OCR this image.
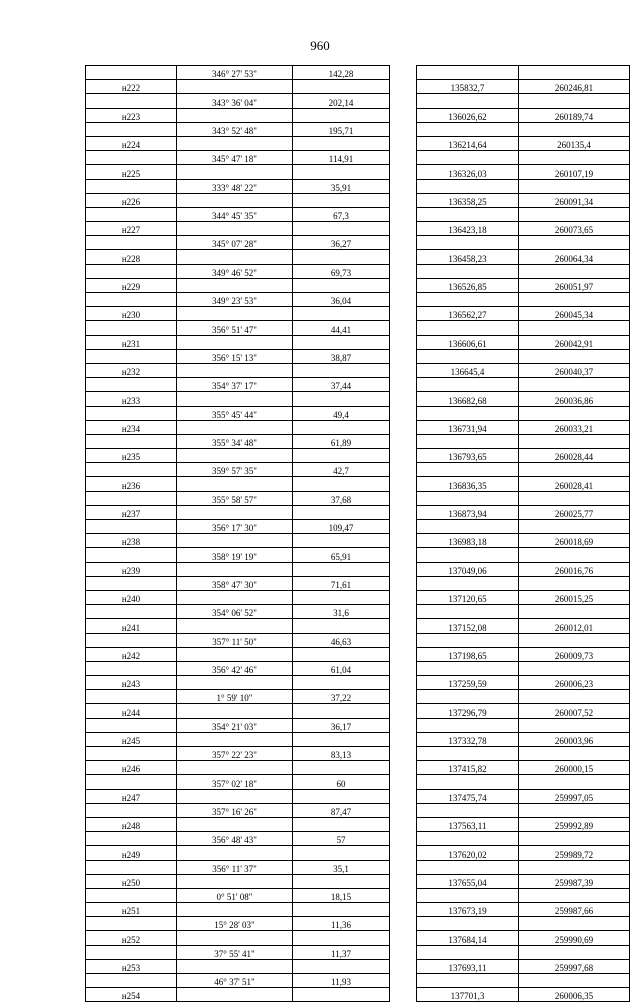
960
	346° 27' 53"	142,28			
н222				135832,7	260246,81
	343° 36' 04"	202,14			
н223				136026,62	260189,74
	343° 52' 48"	195,71			
н224				136214,64	260135,4
	345° 47' 18"	114,91			
н225				136326,03	260107,19
	333° 48' 22"	35,91			
н226				136358,25	260091,34
	344° 45' 35"	67,3			
н227				136423,18	260073,65
	345° 07' 28"	36,27			
н228				136458,23	260064,34
	349° 46' 52"	69,73			
н229				136526,85	260051,97
	349° 23' 53"	36,04			
н230				136562,27	260045,34
	356° 51' 47"	44,41			
н231				136606,61	260042,91
	356° 15' 13"	38,87			
н232				136645,4	260040,37
	354° 37' 17"	37,44			
н233				136682,68	260036,86
	355° 45' 44"	49,4			
н234				136731,94	260033,21
	355° 34' 48"	61,89			
н235				136793,65	260028,44
	359° 57' 35"	42,7			
н236				136836,35	260028,41
	355° 58' 57"	37,68			
н237				136873,94	260025,77
	356° 17' 30"	109,47			
н238				136983,18	260018,69
	358° 19' 19"	65,91			
н239				137049,06	260016,76
	358° 47' 30"	71,61			
н240				137120,65	260015,25
	354° 06' 52"	31,6			
н241				137152,08	260012,01
	357° 11' 50"	46,63			
н242				137198,65	260009,73
	356° 42' 46"	61,04			
н243				137259,59	260006,23
	1° 59' 10"	37,22			
н244				137296,79	260007,52
	354° 21' 03"	36,17			
н245				137332,78	260003,96
	357° 22' 23"	83,13			
н246				137415,82	260000,15
	357° 02' 18"	60			
н247				137475,74	259997,05
	357° 16' 26"	87,47			
н248				137563,11	259992,89
	356° 48' 43"	57			
н249				137620,02	259989,72
	356° 11' 37"	35,1			
н250				137655,04	259987,39
	0° 51' 08"	18,15			
н251				137673,19	259987,66
	15° 28' 03"	11,36			
н252				137684,14	259990,69
	37° 55' 41"	11,37			
н253				137693,11	259997,68
	46° 37' 51"	11,93			
н254				137701,3	260006,35
